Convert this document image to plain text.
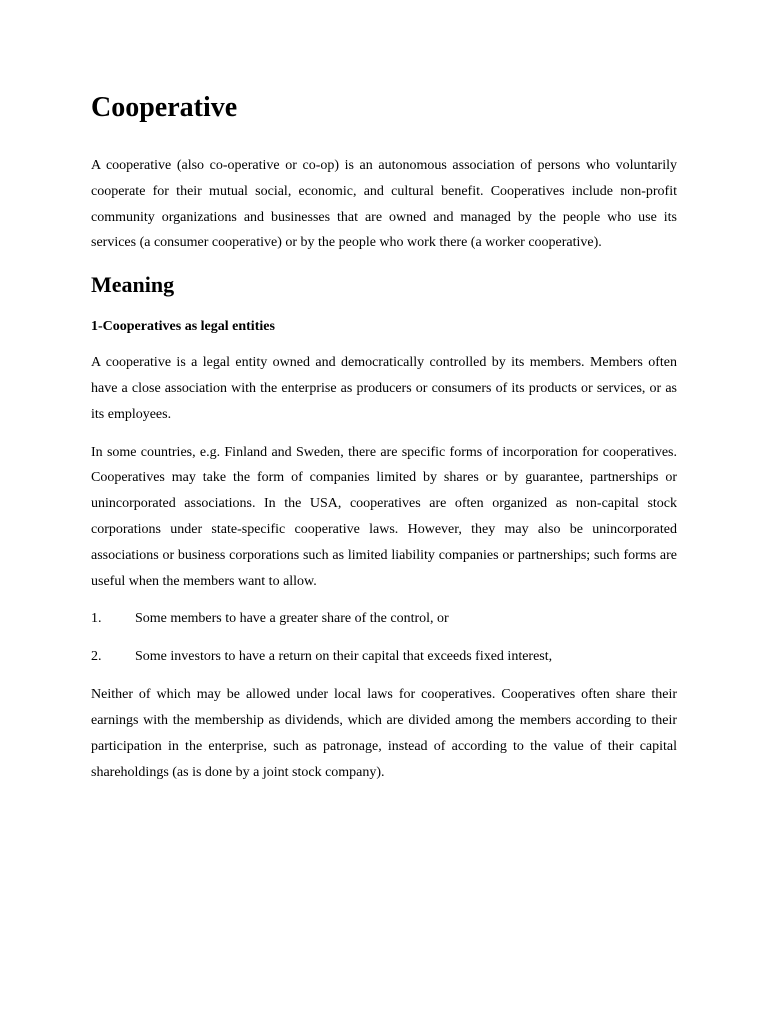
Cooperative

A cooperative (also co-operative or co-op) is an autonomous association of persons who voluntarily cooperate for their mutual social, economic, and cultural benefit. Cooperatives include non-profit community organizations and businesses that are owned and managed by the people who use its services (a consumer cooperative) or by the people who work there (a worker cooperative).

Meaning
1-Cooperatives as legal entities

A cooperative is a legal entity owned and democratically controlled by its members. Members often have a close association with the enterprise as producers or consumers of its products or services, or as its employees.

In some countries, e.g. Finland and Sweden, there are specific forms of incorporation for cooperatives. Cooperatives may take the form of companies limited by shares or by guarantee, partnerships or unincorporated associations. In the USA, cooperatives are often organized as non-capital stock corporations under state-specific cooperative laws. However, they may also be unincorporated associations or business corporations such as limited liability companies or partnerships; such forms are useful when the members want to allow.

1.	Some members to have a greater share of the control, or
2.	Some investors to have a return on their capital that exceeds fixed interest,

Neither of which may be allowed under local laws for cooperatives. Cooperatives often share their earnings with the membership as dividends, which are divided among the members according to their participation in the enterprise, such as patronage, instead of according to the value of their capital shareholdings (as is done by a joint stock company).
